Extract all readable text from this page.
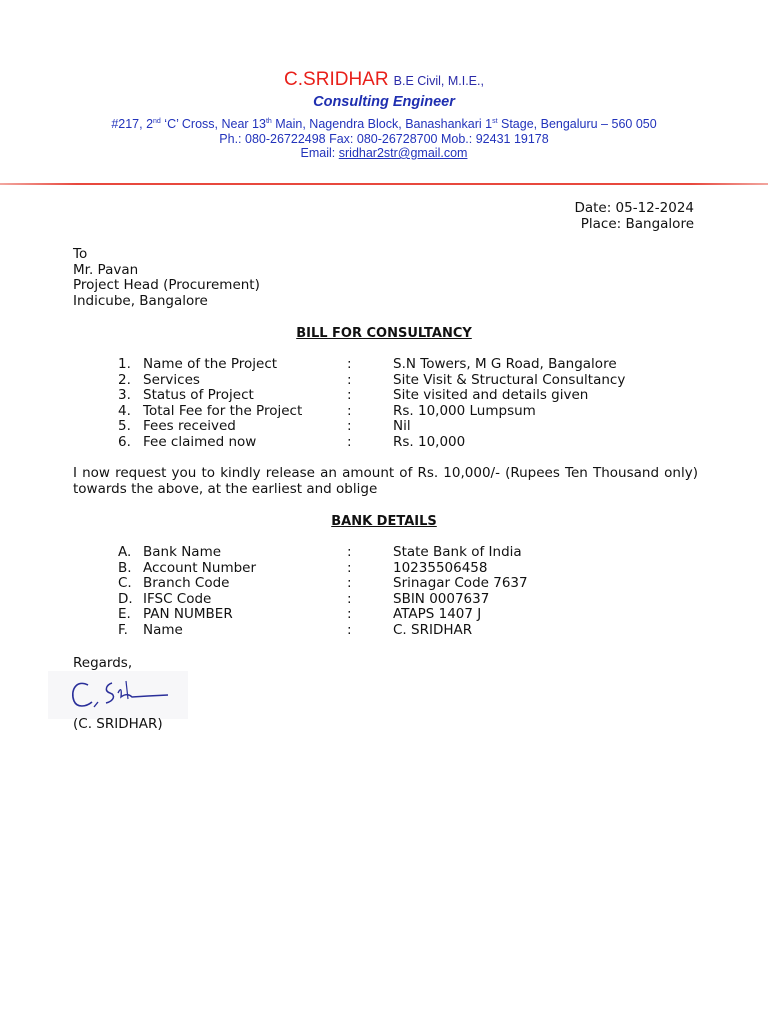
C.SRIDHAR B.E Civil, M.I.E.,
Consulting Engineer
#217, 2nd ‘C’ Cross, Near 13th Main, Nagendra Block, Banashankari 1st Stage, Bengaluru – 560 050
Ph.: 080-26722498 Fax: 080-26728700 Mob.: 92431 19178
Email: sridhar2str@gmail.com
Date: 05-12-2024
Place: Bangalore
To
Mr. Pavan
Project Head (Procurement)
Indicube, Bangalore
BILL FOR CONSULTANCY
1. Name of the Project	:	S.N Towers, M G Road, Bangalore
2. Services	:	Site Visit & Structural Consultancy
3. Status of Project	:	Site visited and details given
4. Total Fee for the Project	:	Rs. 10,000 Lumpsum
5. Fees received	:	Nil
6. Fee claimed now	:	Rs. 10,000
I now request you to kindly release an amount of Rs. 10,000/- (Rupees Ten Thousand only) towards the above, at the earliest and oblige
BANK DETAILS
A. Bank Name	:	State Bank of India
B. Account Number	:	10235506458
C. Branch Code	:	Srinagar Code 7637
D. IFSC Code	:	SBIN 0007637
E. PAN NUMBER	:	ATAPS 1407 J
F. Name	:	C. SRIDHAR
Regards,
(C. SRIDHAR)
